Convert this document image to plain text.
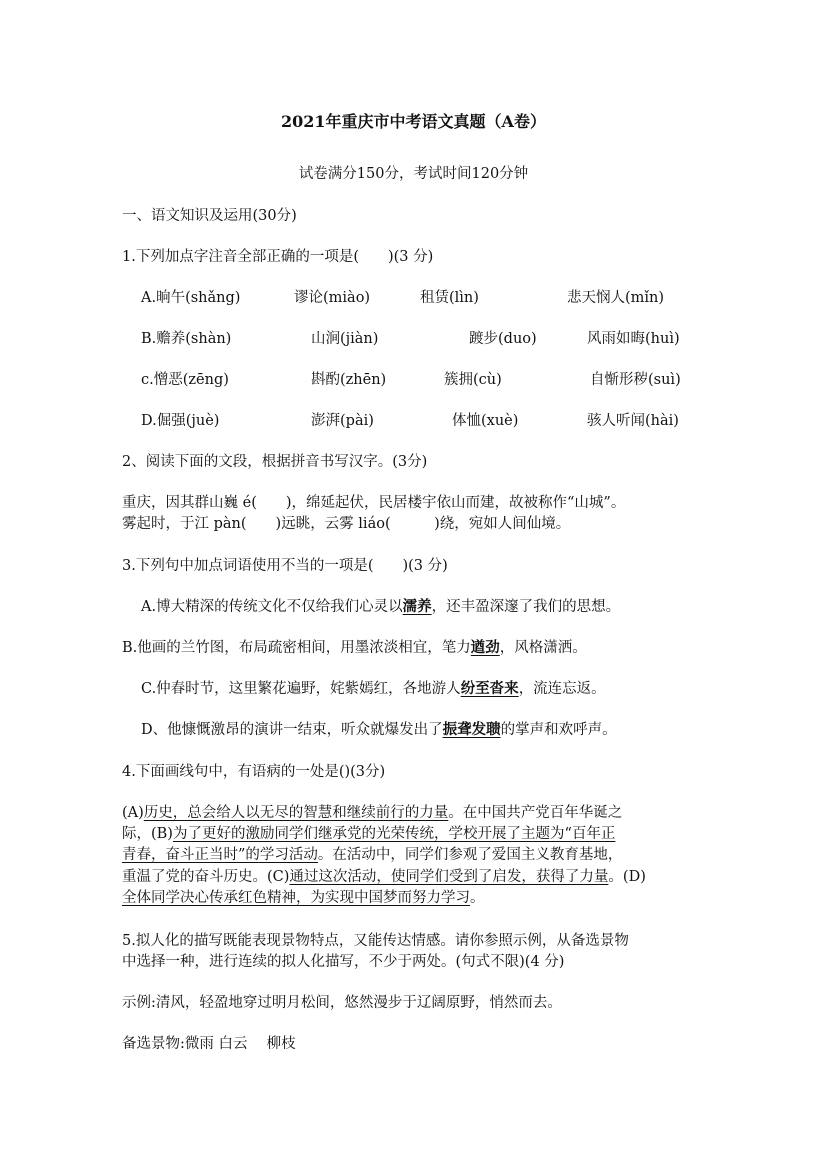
2021年重庆市中考语文真题（A卷）
试卷满分150分，考试时间120分钟
一、语文知识及运用(30分)
1.下列加点字注音全部正确的一项是(　　)(3 分)
A.晌午(shǎng)	谬论(miào)	租赁(lìn)	悲天悯人(mǐn)
B.赡养(shàn)	山涧(jiàn)	踱步(duo)	风雨如晦(huì)
c.憎恶(zēng)	斟酌(zhēn)	簇拥(cù)	自惭形秽(suì)
D.倔强(juè)	澎湃(pài)	体恤(xuè)	骇人听闻(hài)
2、阅读下面的文段，根据拼音书写汉字。(3分)
重庆，因其群山巍 é(　　)，绵延起伏，民居楼宇依山而建，故被称作“山城”。
雾起时，于江 pàn(　　)远眺，云雾 liáo(　　　)绕，宛如人间仙境。
3.下列句中加点词语使用不当的一项是(　　)(3 分)
A.博大精深的传统文化不仅给我们心灵以濡养，还丰盈深邃了我们的思想。
B.他画的兰竹图，布局疏密相间，用墨浓淡相宜，笔力遒劲，风格潇洒。
C.仲春时节，这里繁花遍野，姹紫嫣红，各地游人纷至沓来，流连忘返。
D、他慷慨激昂的演讲一结束，听众就爆发出了振聋发聩的掌声和欢呼声。
4.下面画线句中，有语病的一处是()(3分)
(A)历史，总会给人以无尽的智慧和继续前行的力量。在中国共产党百年华诞之
际，(B)为了更好的激励同学们继承党的光荣传统，学校开展了主题为“百年正
青春，奋斗正当时”的学习活动。在活动中，同学们参观了爱国主义教育基地，
重温了党的奋斗历史。(C)通过这次活动，使同学们受到了启发，获得了力量。(D)
全体同学决心传承红色精神，为实现中国梦而努力学习。
5.拟人化的描写既能表现景物特点，又能传达情感。请你参照示例，从备选景物
中选择一种，进行连续的拟人化描写，不少于两处。(句式不限)(4 分)
示例:清风，轻盈地穿过明月松间，悠然漫步于辽阔原野，悄然而去。
备选景物:微雨 白云　 柳枝
